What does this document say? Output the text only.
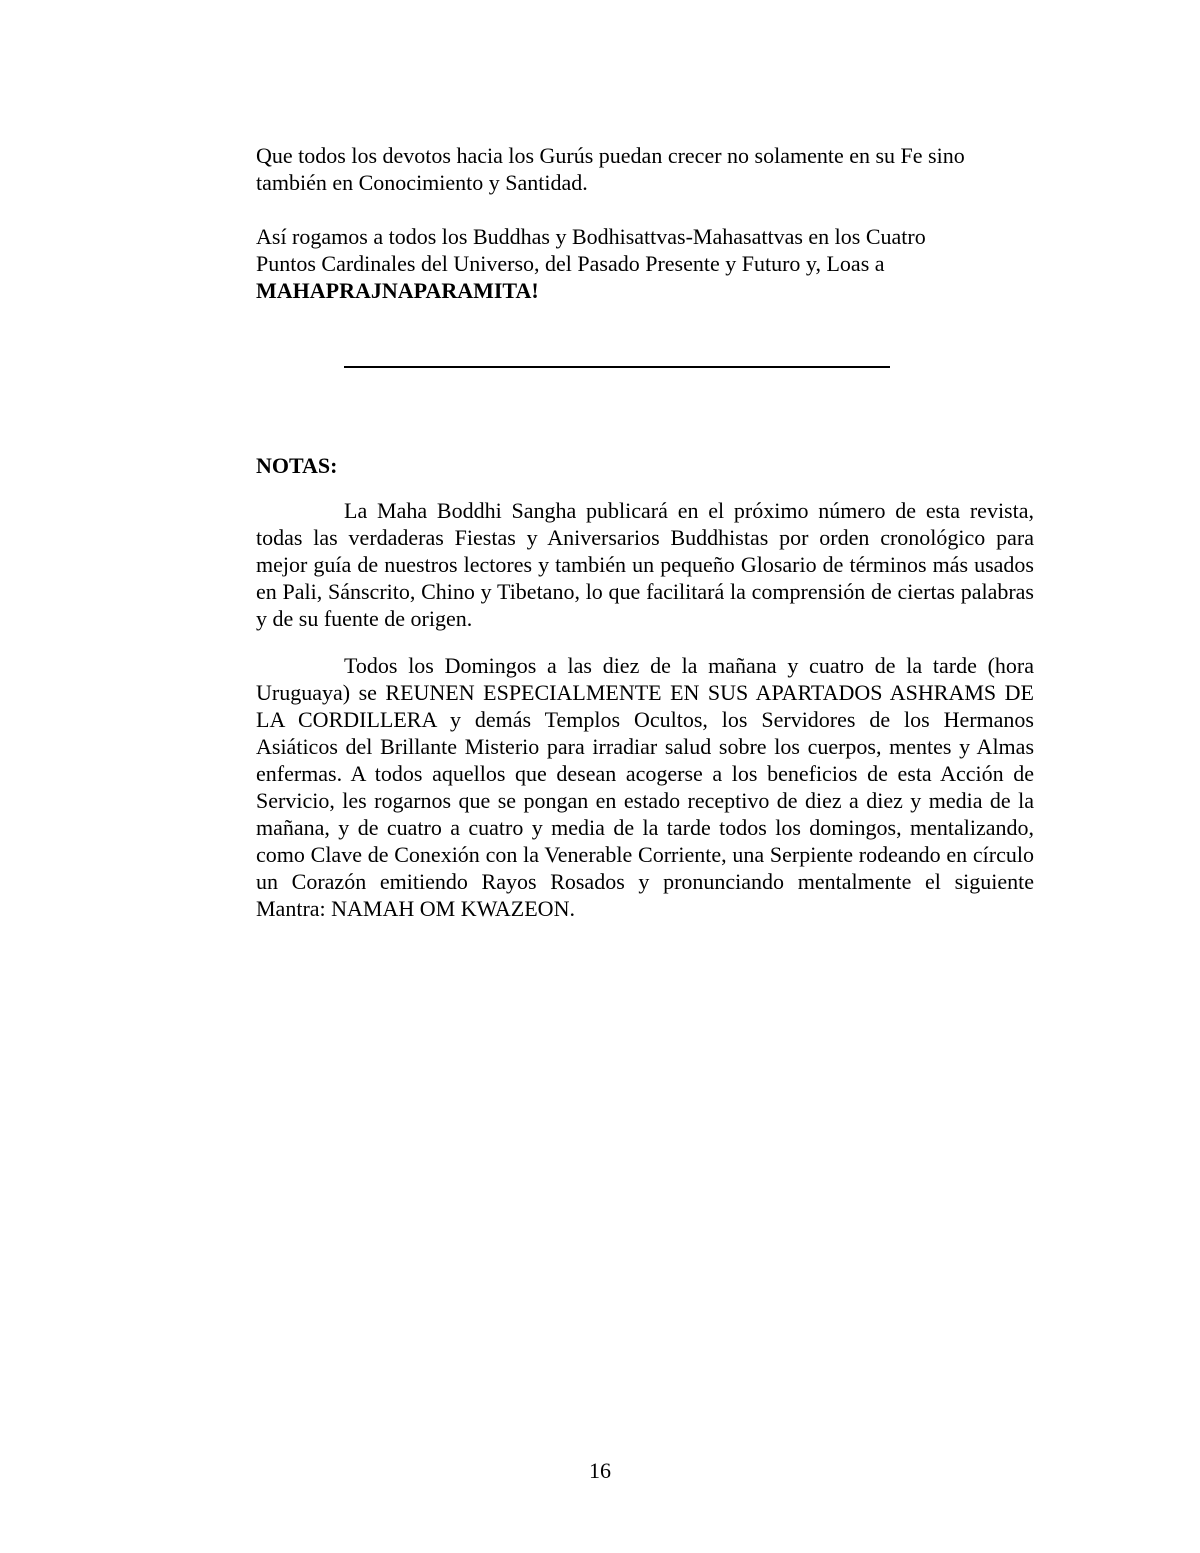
Que todos los devotos hacia los Gurús puedan crecer no solamente en su Fe sino también en Conocimiento y Santidad.

Así rogamos a todos los Buddhas y Bodhisattvas-Mahasattvas en los Cuatro Puntos Cardinales del Universo, del Pasado Presente y Futuro y, Loas a MAHAPRAJNAPARAMITA!

NOTAS:

La Maha Boddhi Sangha publicará en el próximo número de esta revista, todas las verdaderas Fiestas y Aniversarios Buddhistas por orden cronológico para mejor guía de nuestros lectores y también un pequeño Glosario de términos más usados en Pali, Sánscrito, Chino y Tibetano, lo que facilitará la comprensión de ciertas palabras y de su fuente de origen.

Todos los Domingos a las diez de la mañana y cuatro de la tarde (hora Uruguaya) se REUNEN ESPECIALMENTE EN SUS APARTADOS ASHRAMS DE LA CORDILLERA y demás Templos Ocultos, los Servidores de los Hermanos Asiáticos del Brillante Misterio para irradiar salud sobre los cuerpos, mentes y Almas enfermas. A todos aquellos que desean acogerse a los beneficios de esta Acción de Servicio, les rogarnos que se pongan en estado receptivo de diez a diez y media de la mañana, y de cuatro a cuatro y media de la tarde todos los domingos, mentalizando, como Clave de Conexión con la Venerable Corriente, una Serpiente rodeando en círculo un Corazón emitiendo Rayos Rosados y pronunciando mentalmente el siguiente Mantra: NAMAH OM KWAZEON.

16
